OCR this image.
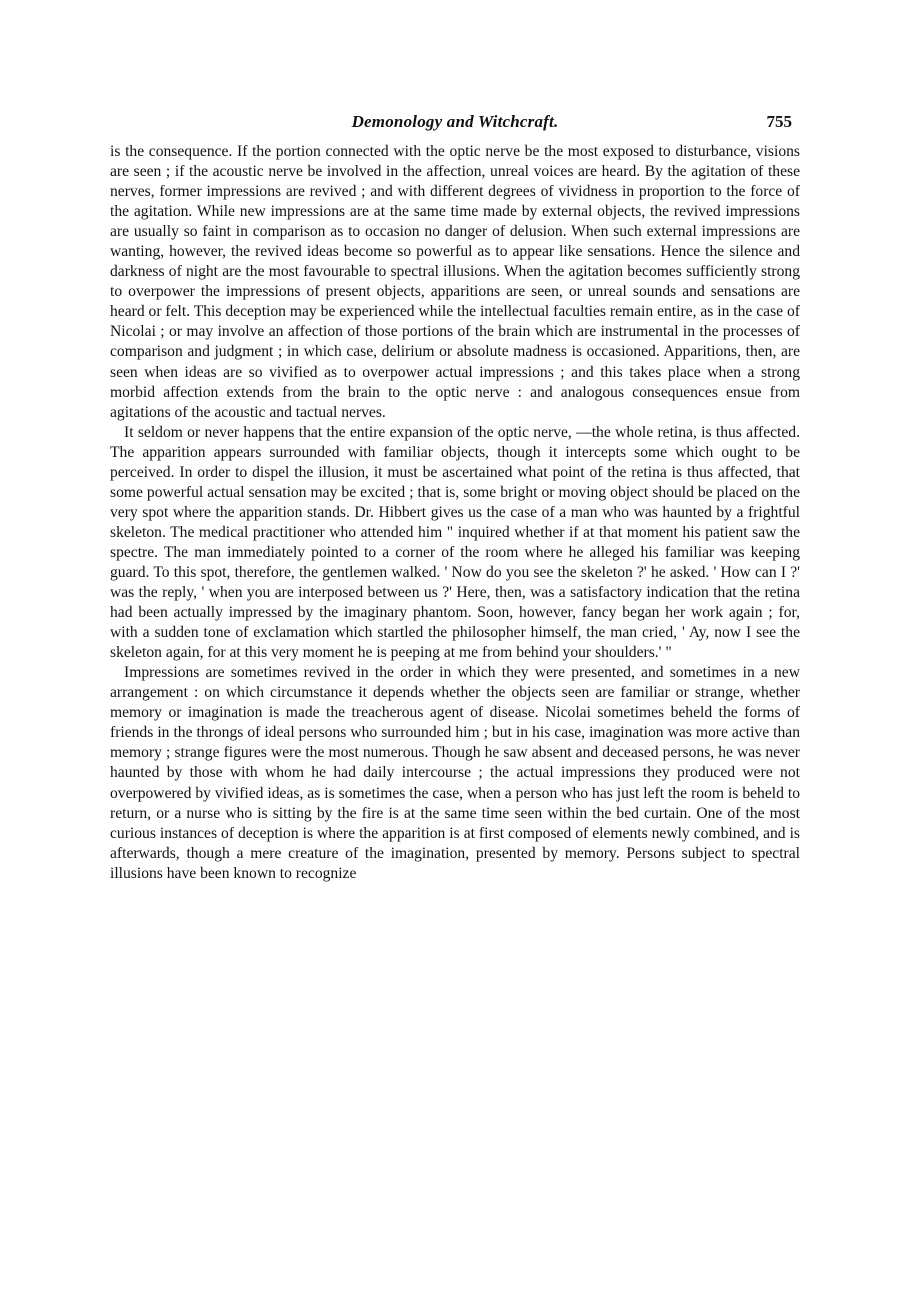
Demonology and Witchcraft.	755

is the consequence. If the portion connected with the optic nerve be the most exposed to disturbance, visions are seen ; if the acoustic nerve be involved in the affection, unreal voices are heard. By the agitation of these nerves, former impressions are revived ; and with different degrees of vividness in proportion to the force of the agitation. While new impressions are at the same time made by external objects, the revived impressions are usually so faint in comparison as to occasion no danger of delusion. When such external impressions are wanting, however, the revived ideas become so powerful as to appear like sensations. Hence the silence and darkness of night are the most favourable to spectral illusions. When the agitation becomes sufficiently strong to overpower the impressions of present objects, apparitions are seen, or unreal sounds and sensations are heard or felt. This deception may be experienced while the intellectual faculties remain entire, as in the case of Nicolai ; or may involve an affection of those portions of the brain which are instrumental in the processes of comparison and judgment ; in which case, delirium or absolute madness is occasioned. Apparitions, then, are seen when ideas are so vivified as to overpower actual impressions ; and this takes place when a strong morbid affection extends from the brain to the optic nerve : and analogous consequences ensue from agitations of the acoustic and tactual nerves.

It seldom or never happens that the entire expansion of the optic nerve, —the whole retina, is thus affected. The apparition appears surrounded with familiar objects, though it intercepts some which ought to be perceived. In order to dispel the illusion, it must be ascertained what point of the retina is thus affected, that some powerful actual sensation may be excited ; that is, some bright or moving object should be placed on the very spot where the apparition stands. Dr. Hibbert gives us the case of a man who was haunted by a frightful skeleton. The medical practitioner who attended him " inquired whether if at that moment his patient saw the spectre. The man immediately pointed to a corner of the room where he alleged his familiar was keeping guard. To this spot, therefore, the gentlemen walked. ' Now do you see the skeleton ?' he asked. ' How can I ?' was the reply, ' when you are interposed between us ?' Here, then, was a satisfactory indication that the retina had been actually impressed by the imaginary phantom. Soon, however, fancy began her work again ; for, with a sudden tone of exclamation which startled the philosopher himself, the man cried, ' Ay, now I see the skeleton again, for at this very moment he is peeping at me from behind your shoulders.' "

Impressions are sometimes revived in the order in which they were presented, and sometimes in a new arrangement : on which circumstance it depends whether the objects seen are familiar or strange, whether memory or imagination is made the treacherous agent of disease. Nicolai sometimes beheld the forms of friends in the throngs of ideal persons who surrounded him ; but in his case, imagination was more active than memory ; strange figures were the most numerous. Though he saw absent and deceased persons, he was never haunted by those with whom he had daily intercourse ; the actual impressions they produced were not overpowered by vivified ideas, as is sometimes the case, when a person who has just left the room is beheld to return, or a nurse who is sitting by the fire is at the same time seen within the bed curtain. One of the most curious instances of deception is where the apparition is at first composed of elements newly combined, and is afterwards, though a mere creature of the imagination, presented by memory. Persons subject to spectral illusions have been known to recognize
